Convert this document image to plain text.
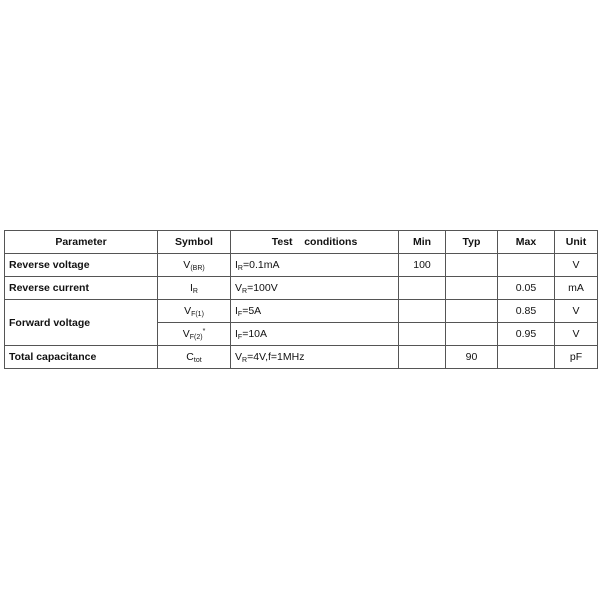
Parameter	Symbol	Test    conditions	Min	Typ	Max	Unit
Reverse voltage	$V_{(BR)}$	$I_R=0.1mA$	100			V
Reverse current	$I_R$	$V_R=100V$			0.05	mA
Forward voltage	$V_{F(1)}$	$I_F=5A$			0.85	V
	$V_{F(2)}^*$	$I_F=10A$			0.95	V
Total capacitance	$C_{tot}$	$V_R=4V,f=1MHz$		90		pF
